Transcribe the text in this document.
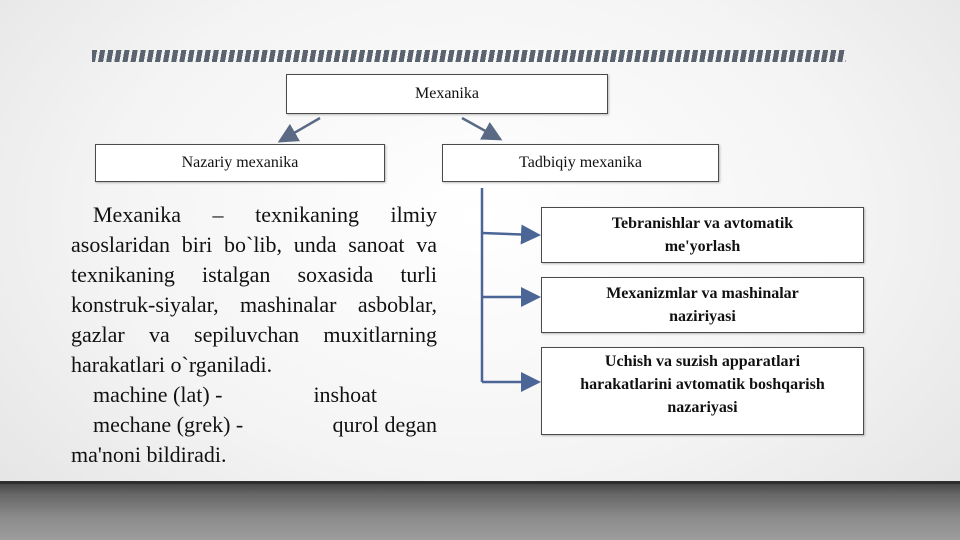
Mexanika
Nazariy mexanika	Tadbiqiy mexanika
Tebranishlar va avtomatik
me'yorlash
Mexanizmlar va mashinalar
naziriyasi
Uchish va suzish apparatlari
harakatlarini avtomatik boshqarish
nazariyasi

Mexanika – texnikaning ilmiy asoslaridan biri bo`lib, unda sanoat va texnikaning istalgan soxasida turli konstruk-siyalar, mashinalar asboblar, gazlar va sepiluvchan muxitlarning harakatlari o`rganiladi.

machine (lat) -	inshoat
mechane (grek) -	qurol degan

ma'noni bildiradi.
